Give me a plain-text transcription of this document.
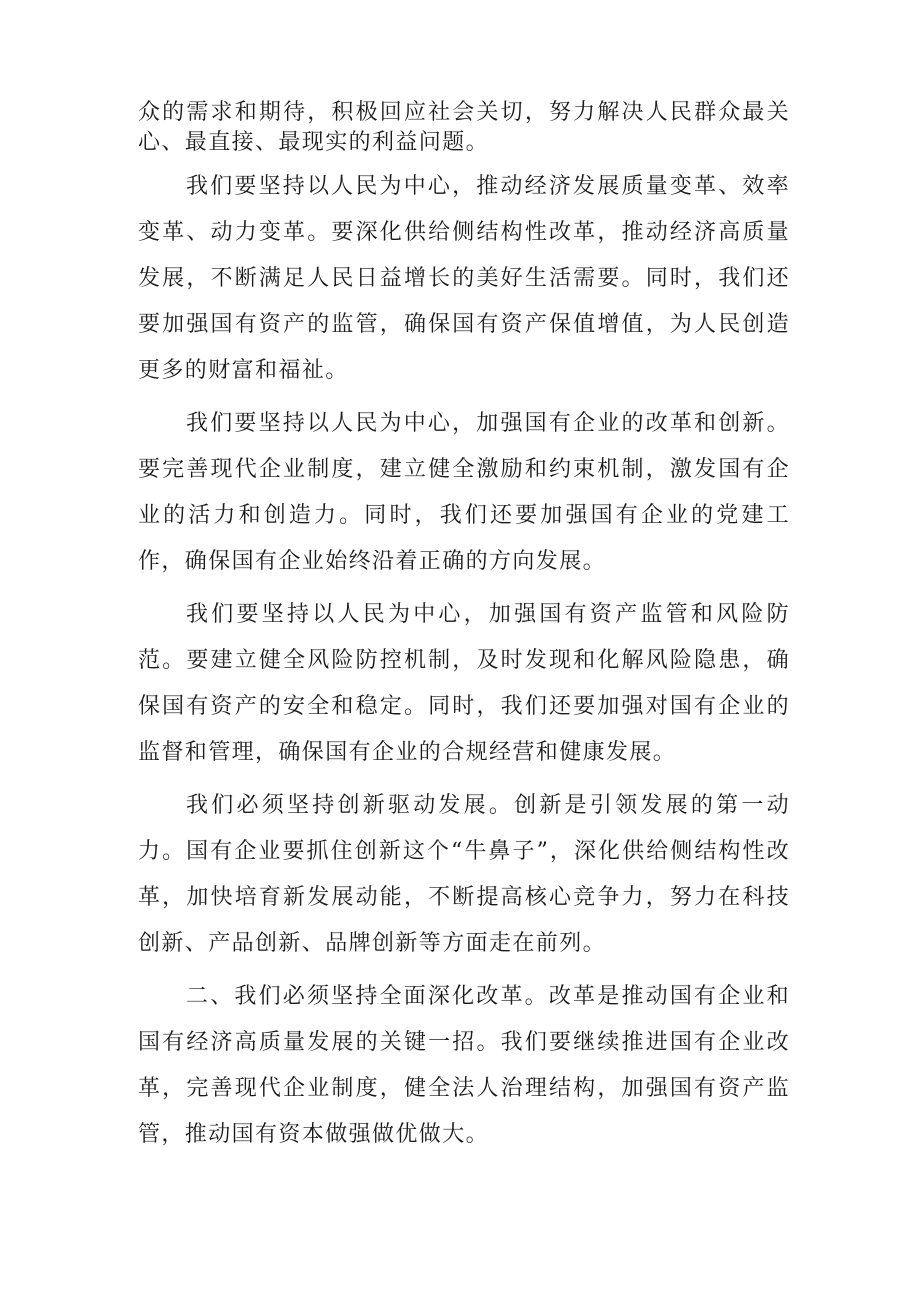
众的需求和期待，积极回应社会关切，努力解决人民群众最关心、最直接、最现实的利益问题。

我们要坚持以人民为中心，推动经济发展质量变革、效率变革、动力变革。要深化供给侧结构性改革，推动经济高质量发展，不断满足人民日益增长的美好生活需要。同时，我们还要加强国有资产的监管，确保国有资产保值增值，为人民创造更多的财富和福祉。

我们要坚持以人民为中心，加强国有企业的改革和创新。要完善现代企业制度，建立健全激励和约束机制，激发国有企业的活力和创造力。同时，我们还要加强国有企业的党建工作，确保国有企业始终沿着正确的方向发展。

我们要坚持以人民为中心，加强国有资产监管和风险防范。要建立健全风险防控机制，及时发现和化解风险隐患，确保国有资产的安全和稳定。同时，我们还要加强对国有企业的监督和管理，确保国有企业的合规经营和健康发展。

我们必须坚持创新驱动发展。创新是引领发展的第一动力。国有企业要抓住创新这个“牛鼻子”，深化供给侧结构性改革，加快培育新发展动能，不断提高核心竞争力，努力在科技创新、产品创新、品牌创新等方面走在前列。

二、我们必须坚持全面深化改革。改革是推动国有企业和国有经济高质量发展的关键一招。我们要继续推进国有企业改革，完善现代企业制度，健全法人治理结构，加强国有资产监管，推动国有资本做强做优做大。
